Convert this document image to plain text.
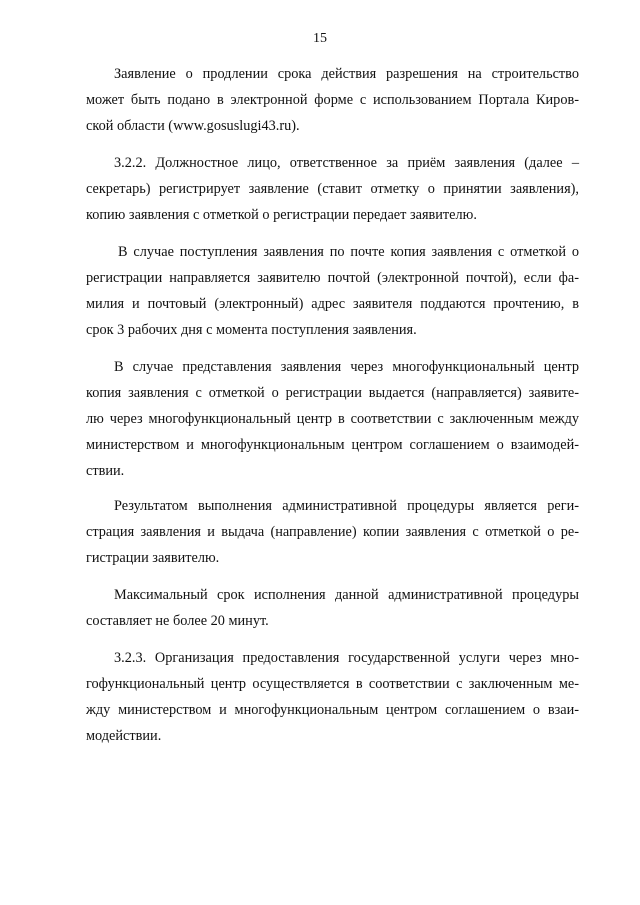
15
Заявление о продлении срока действия разрешения на строительство
может быть подано в электронной форме с использованием Портала Киров-
ской области (www.gosuslugi43.ru).
3.2.2. Должностное лицо, ответственное за приём заявления (далее –
секретарь) регистрирует заявление (ставит отметку о принятии заявления),
копию заявления с отметкой о регистрации передает заявителю.
В случае поступления заявления по почте копия заявления с отметкой о
регистрации направляется заявителю почтой (электронной почтой), если фа-
милия и почтовый (электронный) адрес заявителя поддаются прочтению, в
срок 3 рабочих дня с момента поступления заявления.
В случае представления заявления через многофункциональный центр
копия заявления с отметкой о регистрации выдается (направляется) заявите-
лю через многофункциональный центр в соответствии с заключенным между
министерством и многофункциональным центром соглашением о взаимодей-
ствии.
Результатом выполнения административной процедуры является реги-
страция заявления и выдача (направление) копии заявления с отметкой о ре-
гистрации заявителю.
Максимальный срок исполнения данной административной процедуры
составляет не более 20 минут.
3.2.3. Организация предоставления государственной услуги через мно-
гофункциональный центр осуществляется в соответствии с заключенным ме-
жду министерством и многофункциональным центром соглашением о взаи-
модействии.
